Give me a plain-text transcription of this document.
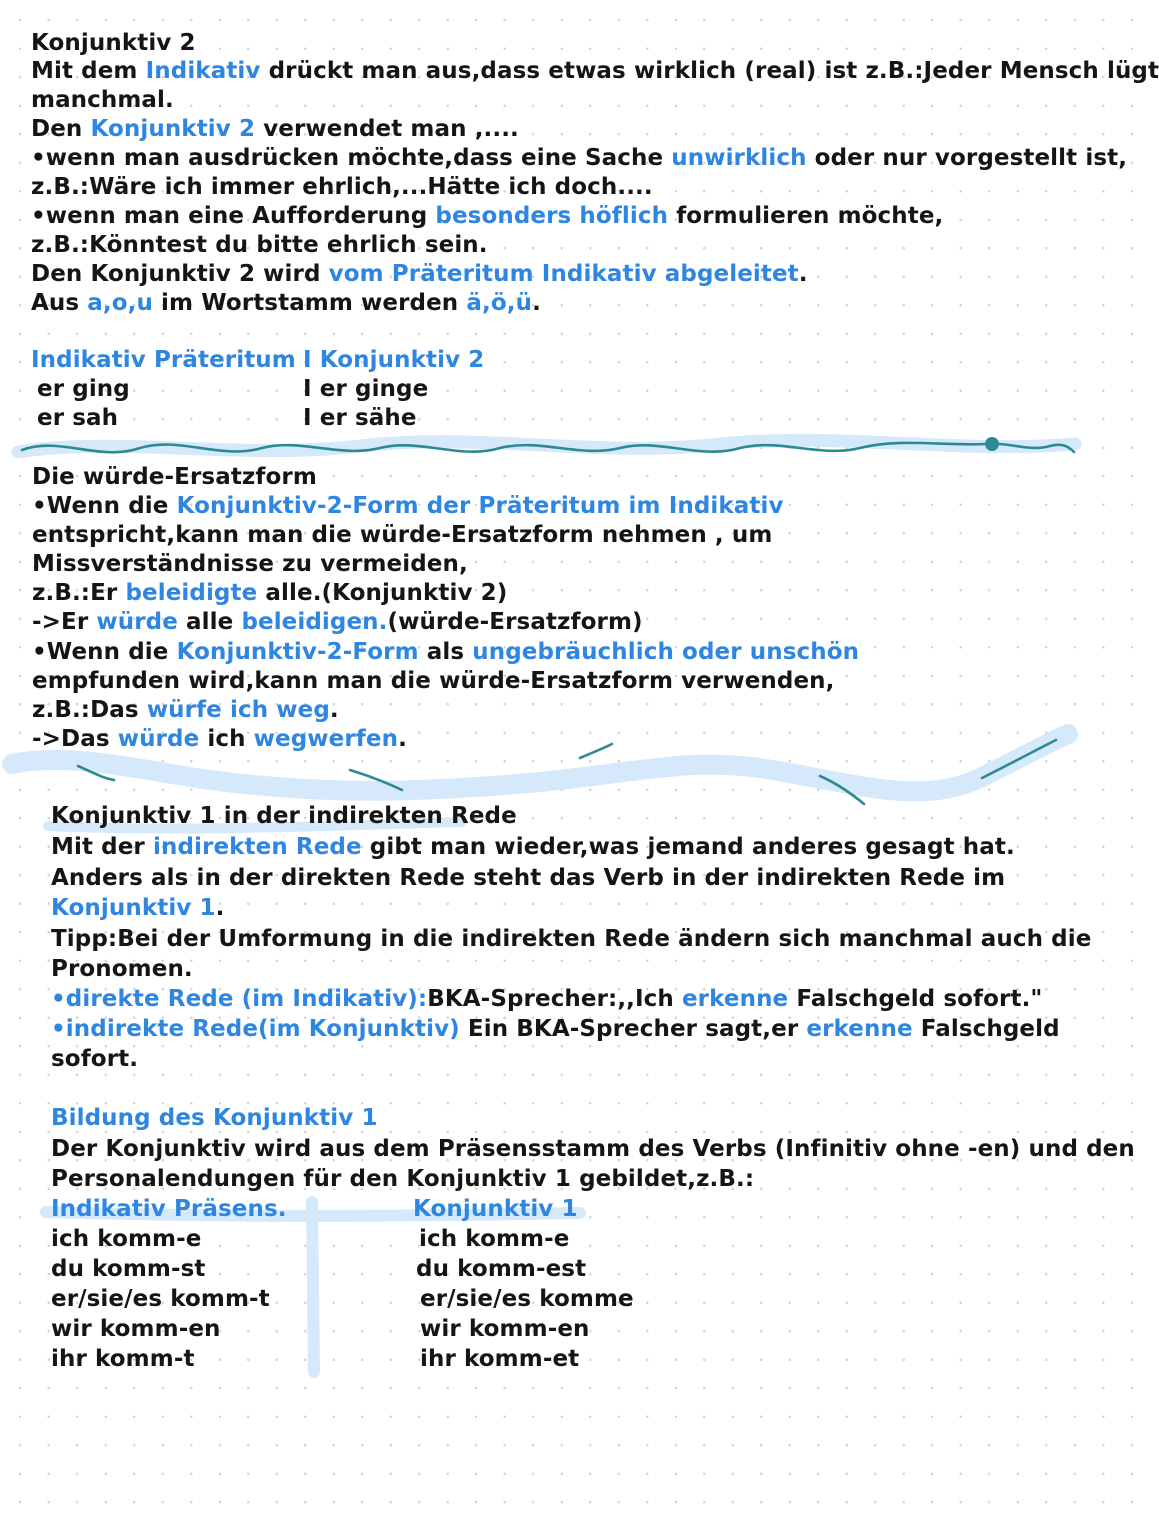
Konjunktiv 2
Mit dem Indikativ drückt man aus,dass etwas wirklich (real) ist z.B.:Jeder Mensch lügt
manchmal.
Den Konjunktiv 2 verwendet man ,....
•wenn man ausdrücken möchte,dass eine Sache unwirklich oder nur vorgestellt ist,
z.B.:Wäre ich immer ehrlich,...Hätte ich doch....
•wenn man eine Aufforderung besonders höflich formulieren möchte,
z.B.:Könntest du bitte ehrlich sein.
Den Konjunktiv 2 wird vom Präteritum Indikativ abgeleitet.
Aus a,o,u im Wortstamm werden ä,ö,ü.
Indikativ Präteritum I Konjunktiv 2
er ging	I er ginge
er sah	I er sähe
Die würde-Ersatzform
•Wenn die Konjunktiv-2-Form der Präteritum im Indikativ
entspricht,kann man die würde-Ersatzform nehmen , um
Missverständnisse zu vermeiden,
z.B.:Er beleidigte alle.(Konjunktiv 2)
->Er würde alle beleidigen.(würde-Ersatzform)
•Wenn die Konjunktiv-2-Form als ungebräuchlich oder unschön
empfunden wird,kann man die würde-Ersatzform verwenden,
z.B.:Das würfe ich weg.
->Das würde ich wegwerfen.
Konjunktiv 1 in der indirekten Rede
Mit der indirekten Rede gibt man wieder,was jemand anderes gesagt hat.
Anders als in der direkten Rede steht das Verb in der indirekten Rede im
Konjunktiv 1.
Tipp:Bei der Umformung in die indirekten Rede ändern sich manchmal auch die
Pronomen.
•direkte Rede (im Indikativ):BKA-Sprecher:,,Ich erkenne Falschgeld sofort."
•indirekte Rede(im Konjunktiv) Ein BKA-Sprecher sagt,er erkenne Falschgeld
sofort.
Bildung des Konjunktiv 1
Der Konjunktiv wird aus dem Präsensstamm des Verbs (Infinitiv ohne -en) und den
Personalendungen für den Konjunktiv 1 gebildet,z.B.:
Indikativ Präsens.	Konjunktiv 1
ich komm-e	ich komm-e
du komm-st	du komm-est
er/sie/es komm-t	er/sie/es komme
wir komm-en	wir komm-en
ihr komm-t	ihr komm-et
